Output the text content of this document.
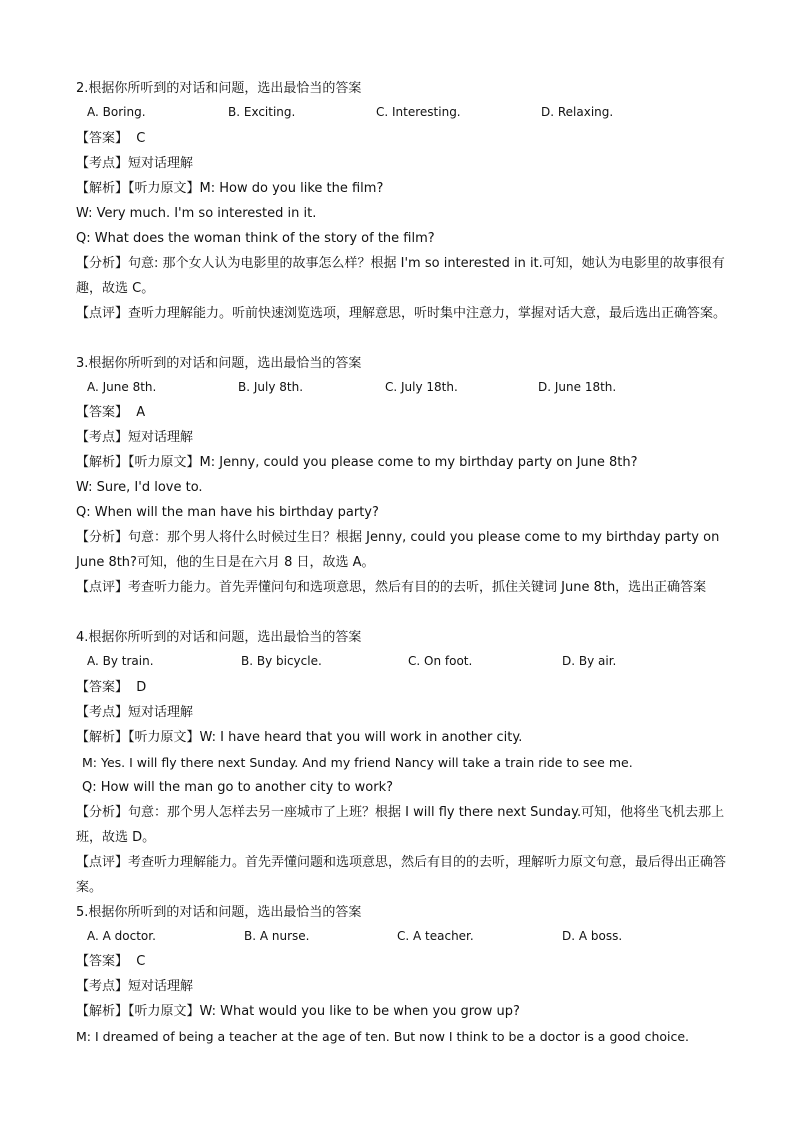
2.根据你所听到的对话和问题，选出最恰当的答案
A. Boring.	B. Exciting.	C. Interesting.	D. Relaxing.
【答案】 C
【考点】短对话理解
【解析】【听力原文】M: How do you like the film?
W: Very much. I'm so interested in it.
Q: What does the woman think of the story of the film?
【分析】句意: 那个女人认为电影里的故事怎么样？根据 I'm so interested in it.可知，她认为电影里的故事很有趣，故选 C。
【点评】查听力理解能力。听前快速浏览选项，理解意思，听时集中注意力，掌握对话大意，最后选出正确答案。
3.根据你所听到的对话和问题，选出最恰当的答案
A. June 8th.	B. July 8th.	C. July 18th.	D. June 18th.
【答案】 A
【考点】短对话理解
【解析】【听力原文】M: Jenny, could you please come to my birthday party on June 8th?
W: Sure, I'd love to.
Q: When will the man have his birthday party?
【分析】句意：那个男人将什么时候过生日？根据 Jenny, could you please come to my birthday party on June 8th?可知，他的生日是在六月 8 日，故选 A。
【点评】考查听力能力。首先弄懂问句和选项意思，然后有目的的去听，抓住关键词 June 8th，选出正确答案
4.根据你所听到的对话和问题，选出最恰当的答案
A. By train.	B. By bicycle.	C. On foot.	D. By air.
【答案】 D
【考点】短对话理解
【解析】【听力原文】W: I have heard that you will work in another city.
M: Yes. I will fly there next Sunday. And my friend Nancy will take a train ride to see me.
Q: How will the man go to another city to work?
【分析】句意：那个男人怎样去另一座城市了上班？根据 I will fly there next Sunday.可知，他将坐飞机去那上班，故选 D。
【点评】考查听力理解能力。首先弄懂问题和选项意思，然后有目的的去听，理解听力原文句意，最后得出正确答案。
5.根据你所听到的对话和问题，选出最恰当的答案
A. A doctor.	B. A nurse.	C. A teacher.	D. A boss.
【答案】 C
【考点】短对话理解
【解析】【听力原文】W: What would you like to be when you grow up?
M: I dreamed of being a teacher at the age of ten. But now I think to be a doctor is a good choice.
